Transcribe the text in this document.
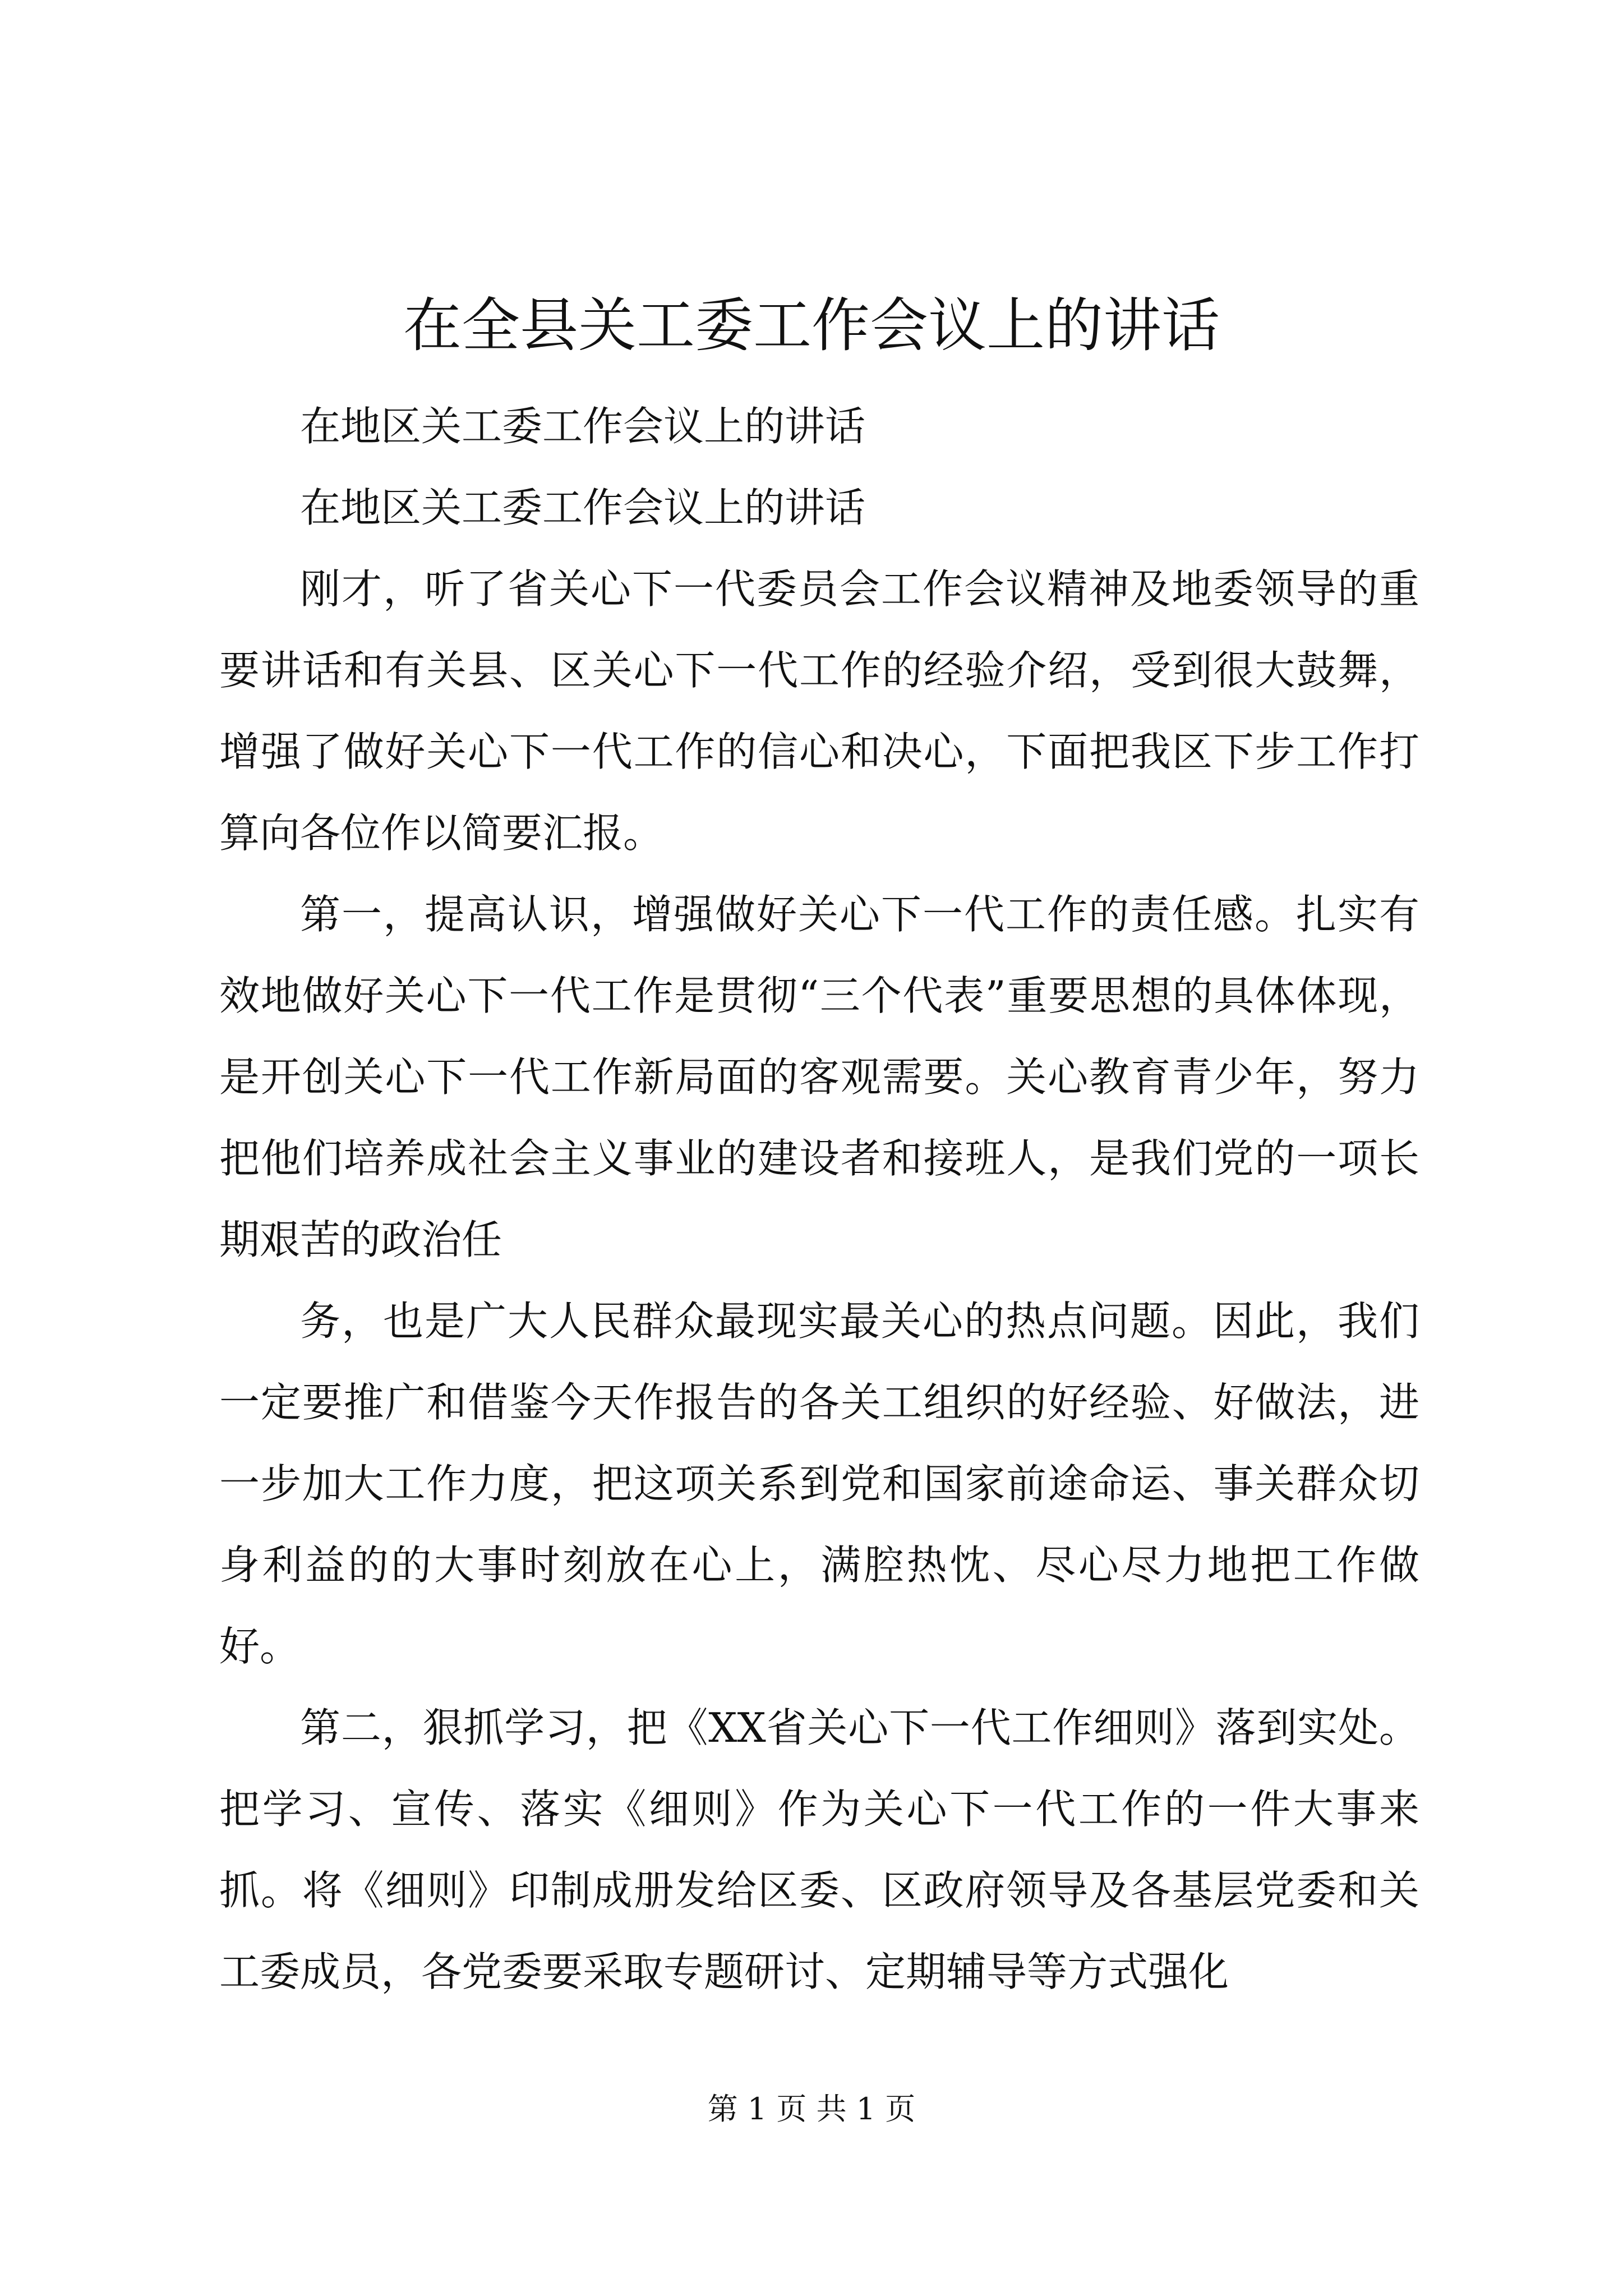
在全县关工委工作会议上的讲话

在地区关工委工作会议上的讲话

在地区关工委工作会议上的讲话

刚才，听了省关心下一代委员会工作会议精神及地委领导的重要讲话和有关县、区关心下一代工作的经验介绍，受到很大鼓舞，增强了做好关心下一代工作的信心和决心，下面把我区下步工作打算向各位作以简要汇报。

第一，提高认识，增强做好关心下一代工作的责任感。扎实有效地做好关心下一代工作是贯彻“三个代表”重要思想的具体体现，是开创关心下一代工作新局面的客观需要。关心教育青少年，努力把他们培养成社会主义事业的建设者和接班人，是我们党的一项长期艰苦的政治任

务，也是广大人民群众最现实最关心的热点问题。因此，我们一定要推广和借鉴今天作报告的各关工组织的好经验、好做法，进一步加大工作力度，把这项关系到党和国家前途命运、事关群众切身利益的的大事时刻放在心上，满腔热忱、尽心尽力地把工作做好。

第二，狠抓学习，把《XX省关心下一代工作细则》落到实处。把学习、宣传、落实《细则》作为关心下一代工作的一件大事来抓。将《细则》印制成册发给区委、区政府领导及各基层党委和关工委成员，各党委要采取专题研讨、定期辅导等方式强化

第 1 页 共 1 页
